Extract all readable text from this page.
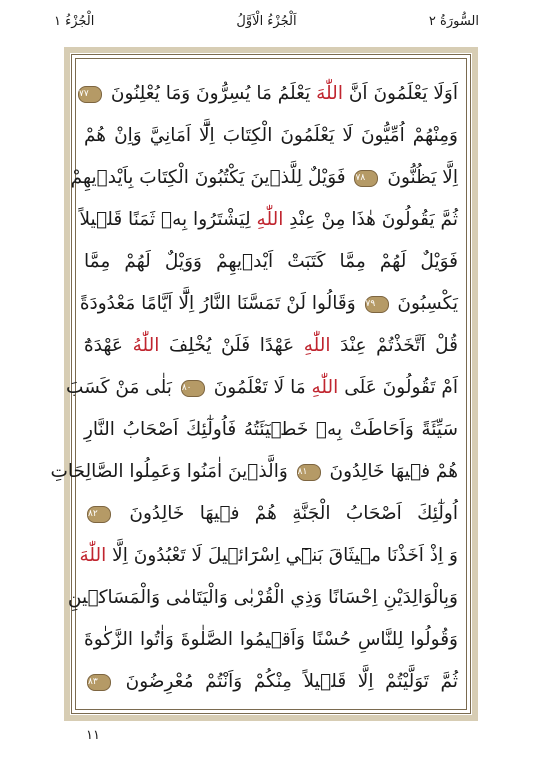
السُّورَةُ ٢
اَلْجُزْءُ الْاَوَّلُ
الْجُزْءُ ١
اَوَلَا يَعْلَمُونَ اَنَّ اللّٰهَ يَعْلَمُ مَا يُسِرُّونَ وَمَا يُعْلِنُونَ ٧٧
وَمِنْهُمْ اُمِّيُّونَ لَا يَعْلَمُونَ الْكِتَابَ اِلَّٓا اَمَانِيَّ وَاِنْ هُمْ
اِلَّا يَظُنُّونَ ٧٨ فَوَيْلٌ لِلَّذٖينَ يَكْتُبُونَ الْكِتَابَ بِاَيْدٖيهِمْ
ثُمَّ يَقُولُونَ هٰذَا مِنْ عِنْدِ اللّٰهِ لِيَشْتَرُوا بِهٖ ثَمَنًا قَلٖيلاً
فَوَيْلٌ لَهُمْ مِمَّا كَتَبَتْ اَيْدٖيهِمْ وَوَيْلٌ لَهُمْ مِمَّا
يَكْسِبُونَ ٧٩ وَقَالُوا لَنْ تَمَسَّنَا النَّارُ اِلَّٓا اَيَّامًا مَعْدُودَةً
قُلْ اَتَّخَذْتُمْ عِنْدَ اللّٰهِ عَهْدًا فَلَنْ يُخْلِفَ اللّٰهُ عَهْدَهُٓ
اَمْ تَقُولُونَ عَلَى اللّٰهِ مَا لَا تَعْلَمُونَ ٨٠ بَلٰى مَنْ كَسَبَ
سَيِّئَةً وَاَحَاطَتْ بِهٖ خَطٖيٓئَتُهُ فَاُولٰٓئِكَ اَصْحَابُ النَّارِ
هُمْ فٖيهَا خَالِدُونَ ٨١ وَالَّذٖينَ اٰمَنُوا وَعَمِلُوا الصَّالِحَاتِ
اُولٰٓئِكَ اَصْحَابُ الْجَنَّةِ هُمْ فٖيهَا خَالِدُونَ ٨٢
وَ اِذْ اَخَذْنَا مٖيثَاقَ بَنٖٓي اِسْرَٓائٖيلَ لَا تَعْبُدُونَ اِلَّا اللّٰهَ
وَبِالْوَالِدَيْنِ اِحْسَانًا وَذِي الْقُرْبٰى وَالْيَتَامٰى وَالْمَسَاكٖينِ
وَقُولُوا لِلنَّاسِ حُسْنًا وَاَقٖيمُوا الصَّلٰوةَ وَاٰتُوا الزَّكٰوةَ
ثُمَّ تَوَلَّيْتُمْ اِلَّا قَلٖيلاً مِنْكُمْ وَاَنْتُمْ مُعْرِضُونَ ٨٣
١١
